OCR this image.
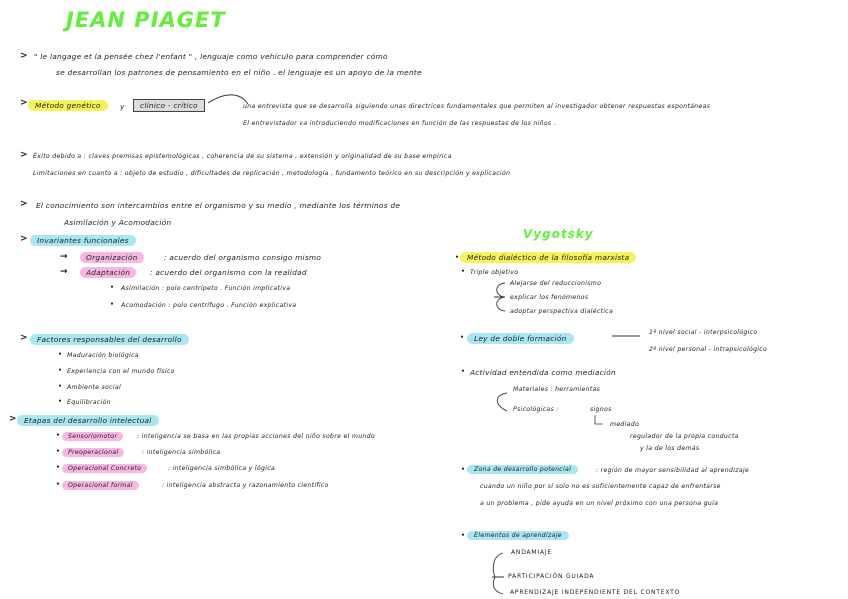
JEAN PIAGET
> " le langage et la pensée chez l'enfant " , lenguaje como vehículo para comprender cómo
se desarrollan los patrones de pensamiento en el niño . el lenguaje es un apoyo de la mente
>	Método genético	y	clínico - crítico	una entrevista que se desarrolla siguiendo unas directrices fundamentales que permiten al investigador obtener respuestas espontáneas
El entrevistador va introduciendo modificaciones en función de las respuestas de los niños .
> Éxito debido a : claves premisas epistemológicas , coherencia de su sistema , extensión y originalidad de su base empírica
Limitaciones en cuanto a : objeto de estudio , dificultades de replicación , metodología , fundamento teórico en su descripción y explicación
> El conocimiento son intercambios entre el organismo y su medio , mediante los términos de
Asimilación y Acomodación
>	Invariantes funcionales
→	Organización	: acuerdo del organismo consigo mismo
→	Adaptación	: acuerdo del organismo con la realidad
• Asimilación : polo centrípeto . Función implicativa
• Acomodación : polo centrífugo . Función explicativa
>	Factores responsables del desarrollo
• Maduración biológica
• Experiencia con el mundo físico
• Ambiente social
• Equilibración
>	Etapas del desarrollo intelectual
•	Sensoriomotor	: inteligencia se basa en las propias acciones del niño sobre el mundo
•	Preoperacional	: inteligencia simbólica
•	Operacional Concreto	: inteligencia simbólica y lógica
•	Operacional formal	: inteligencia abstracta y razonamiento científico
Vygotsky
•	Método dialéctico de la filosofía marxista
• Triple objetivo
Alejarse del reduccionismo
explicar los fenómenos
adoptar perspectiva dialéctica
•	Ley de doble formación
1º nivel social - interpsicológico
2º nivel personal - intrapsicológico
• Actividad entendida como mediación
Materiales : herramientas
Psicológicas :	signos
mediado
regulador de la propia conducta
y la de los demás
•	Zona de desarrollo potencial	: región de mayor sensibilidad al aprendizaje
cuando un niño por sí solo no es suficientemente capaz de enfrentarse
a un problema , pide ayuda en un nivel próximo con una persona guía
•	Elementos de aprendizaje
ANDAMIAJE
PARTICIPACIÓN GUIADA
APRENDIZAJE INDEPENDIENTE DEL CONTEXTO
